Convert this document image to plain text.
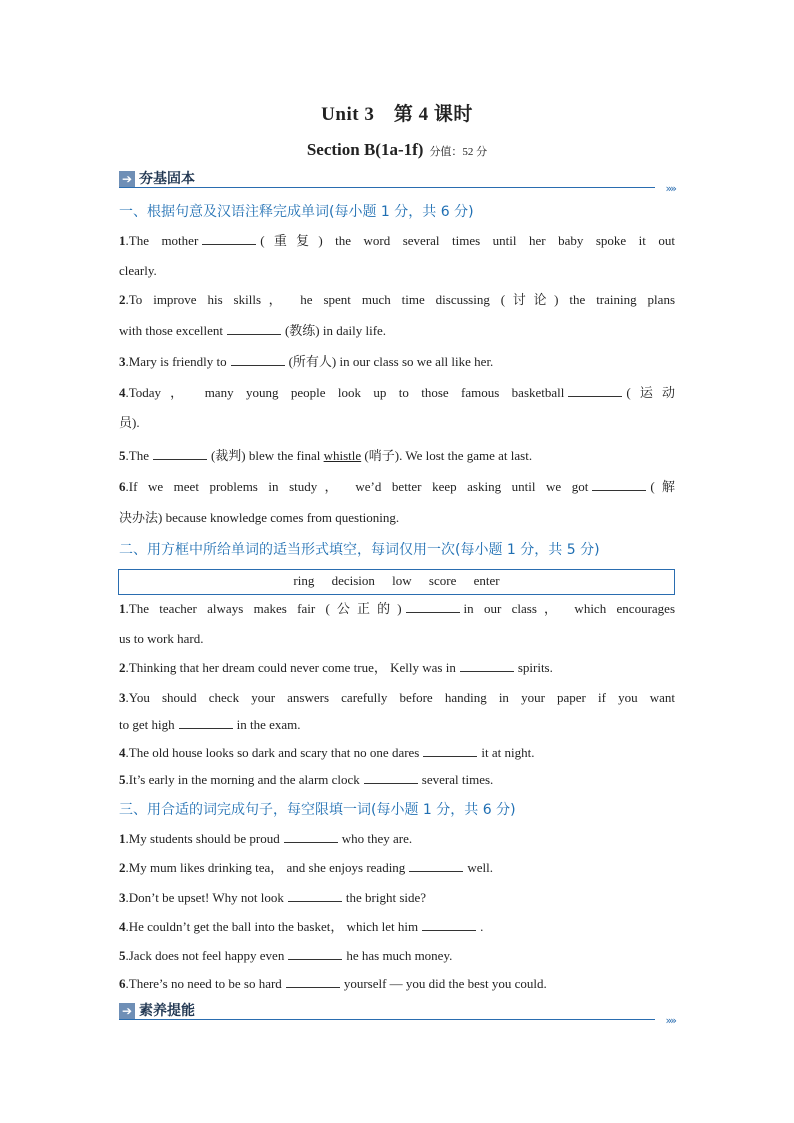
Unit 3　第 4 课时
Section B(1a-1f) 分值：52 分
➔ 夯基固本
»»
一、根据句意及汉语注释完成单词(每小题 1 分，共 6 分)
1.The mother	(重复) the word several times until her baby spoke it out
clearly.
2.To improve his skills， he spent much time discussing (讨论) the training plans
with those excellent	(教练) in daily life.
3.Mary is friendly to	(所有人) in our class so we all like her.
4.Today， many young people look up to those famous basketball	(运动
员).
5.The	(裁判) blew the final whistle (哨子). We lost the game at last.
6.If we meet problems in study， we’d better keep asking until we got	(解
决办法) because knowledge comes from questioning.
二、用方框中所给单词的适当形式填空，每词仅用一次(每小题 1 分，共 5 分)
ring decision low score enter
1.The teacher always makes fair (公正的)	in our class， which encourages
us to work hard.
2.Thinking that her dream could never come true， Kelly was in	spirits.
3.You should check your answers carefully before handing in your paper if you want
to get high	in the exam.
4.The old house looks so dark and scary that no one dares	it at night.
5.It’s early in the morning and the alarm clock	several times.
三、用合适的词完成句子，每空限填一词(每小题 1 分，共 6 分)
1.My students should be proud	who they are.
2.My mum likes drinking tea， and she enjoys reading	well.
3.Don’t be upset! Why not look	the bright side?
4.He couldn’t get the ball into the basket， which let him	.
5.Jack does not feel happy even	he has much money.
6.There’s no need to be so hard	yourself — you did the best you could.
➔ 素养提能
»»
